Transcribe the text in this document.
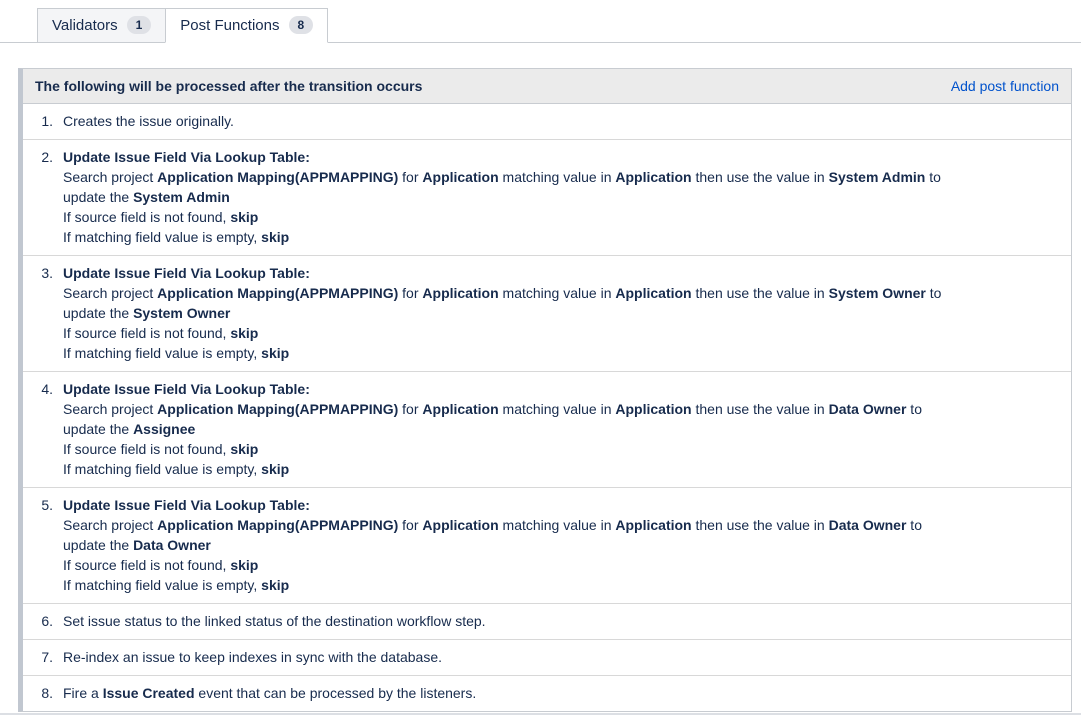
Validators	1	Post Functions	8
The following will be processed after the transition occurs	Add post function
1. Creates the issue originally.
2. Update Issue Field Via Lookup Table:
Search project Application Mapping(APPMAPPING) for Application matching value in Application then use the value in System Admin to update the System Admin
If source field is not found, skip
If matching field value is empty, skip
3. Update Issue Field Via Lookup Table:
Search project Application Mapping(APPMAPPING) for Application matching value in Application then use the value in System Owner to update the System Owner
If source field is not found, skip
If matching field value is empty, skip
4. Update Issue Field Via Lookup Table:
Search project Application Mapping(APPMAPPING) for Application matching value in Application then use the value in Data Owner to update the Assignee
If source field is not found, skip
If matching field value is empty, skip
5. Update Issue Field Via Lookup Table:
Search project Application Mapping(APPMAPPING) for Application matching value in Application then use the value in Data Owner to update the Data Owner
If source field is not found, skip
If matching field value is empty, skip
6. Set issue status to the linked status of the destination workflow step.
7. Re-index an issue to keep indexes in sync with the database.
8. Fire a Issue Created event that can be processed by the listeners.
